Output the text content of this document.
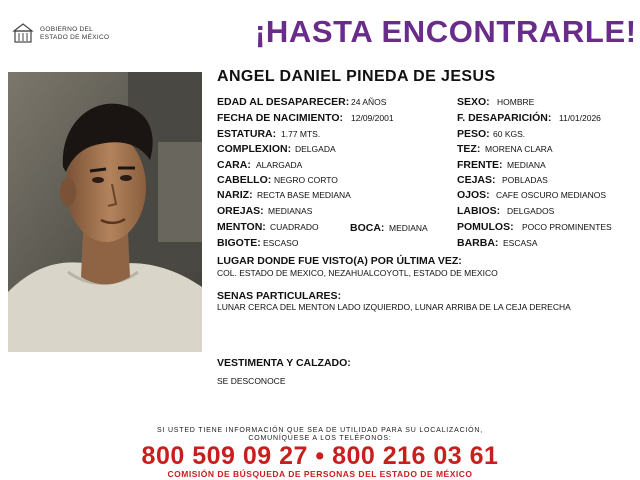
GOBIERNO DEL
ESTADO DE MÉXICO	¡HASTA ENCONTRARLE!
ANGEL DANIEL PINEDA DE JESUS
EDAD AL DESAPARECER: 24 AÑOS
FECHA DE NACIMIENTO: 12/09/2001
ESTATURA: 1.77 MTS.
COMPLEXION: DELGADA
CARA: ALARGADA
CABELLO: NEGRO CORTO
NARIZ: RECTA BASE MEDIANA
OREJAS: MEDIANAS
MENTON: CUADRADO	BOCA: MEDIANA
BIGOTE: ESCASO
SEXO: HOMBRE
F. DESAPARICIÓN: 11/01/2026
PESO: 60 KGS.
TEZ: MORENA CLARA
FRENTE: MEDIANA
CEJAS: POBLADAS
OJOS: CAFE OSCURO MEDIANOS
LABIOS: DELGADOS
POMULOS: POCO PROMINENTES
BARBA: ESCASA
LUGAR DONDE FUE VISTO(A) POR ÚLTIMA VEZ:
COL. ESTADO DE MEXICO, NEZAHUALCOYOTL, ESTADO DE MEXICO
SENAS PARTICULARES:
LUNAR CERCA DEL MENTON LADO IZQUIERDO, LUNAR ARRIBA DE LA CEJA DERECHA
VESTIMENTA Y CALZADO:
SE DESCONOCE
SI USTED TIENE INFORMACIÓN QUE SEA DE UTILIDAD PARA SU LOCALIZACIÓN,
COMUNÍQUESE A LOS TELÉFONOS:
800 509 09 27 • 800 216 03 61
COMISIÓN DE BÚSQUEDA DE PERSONAS DEL ESTADO DE MÉXICO
